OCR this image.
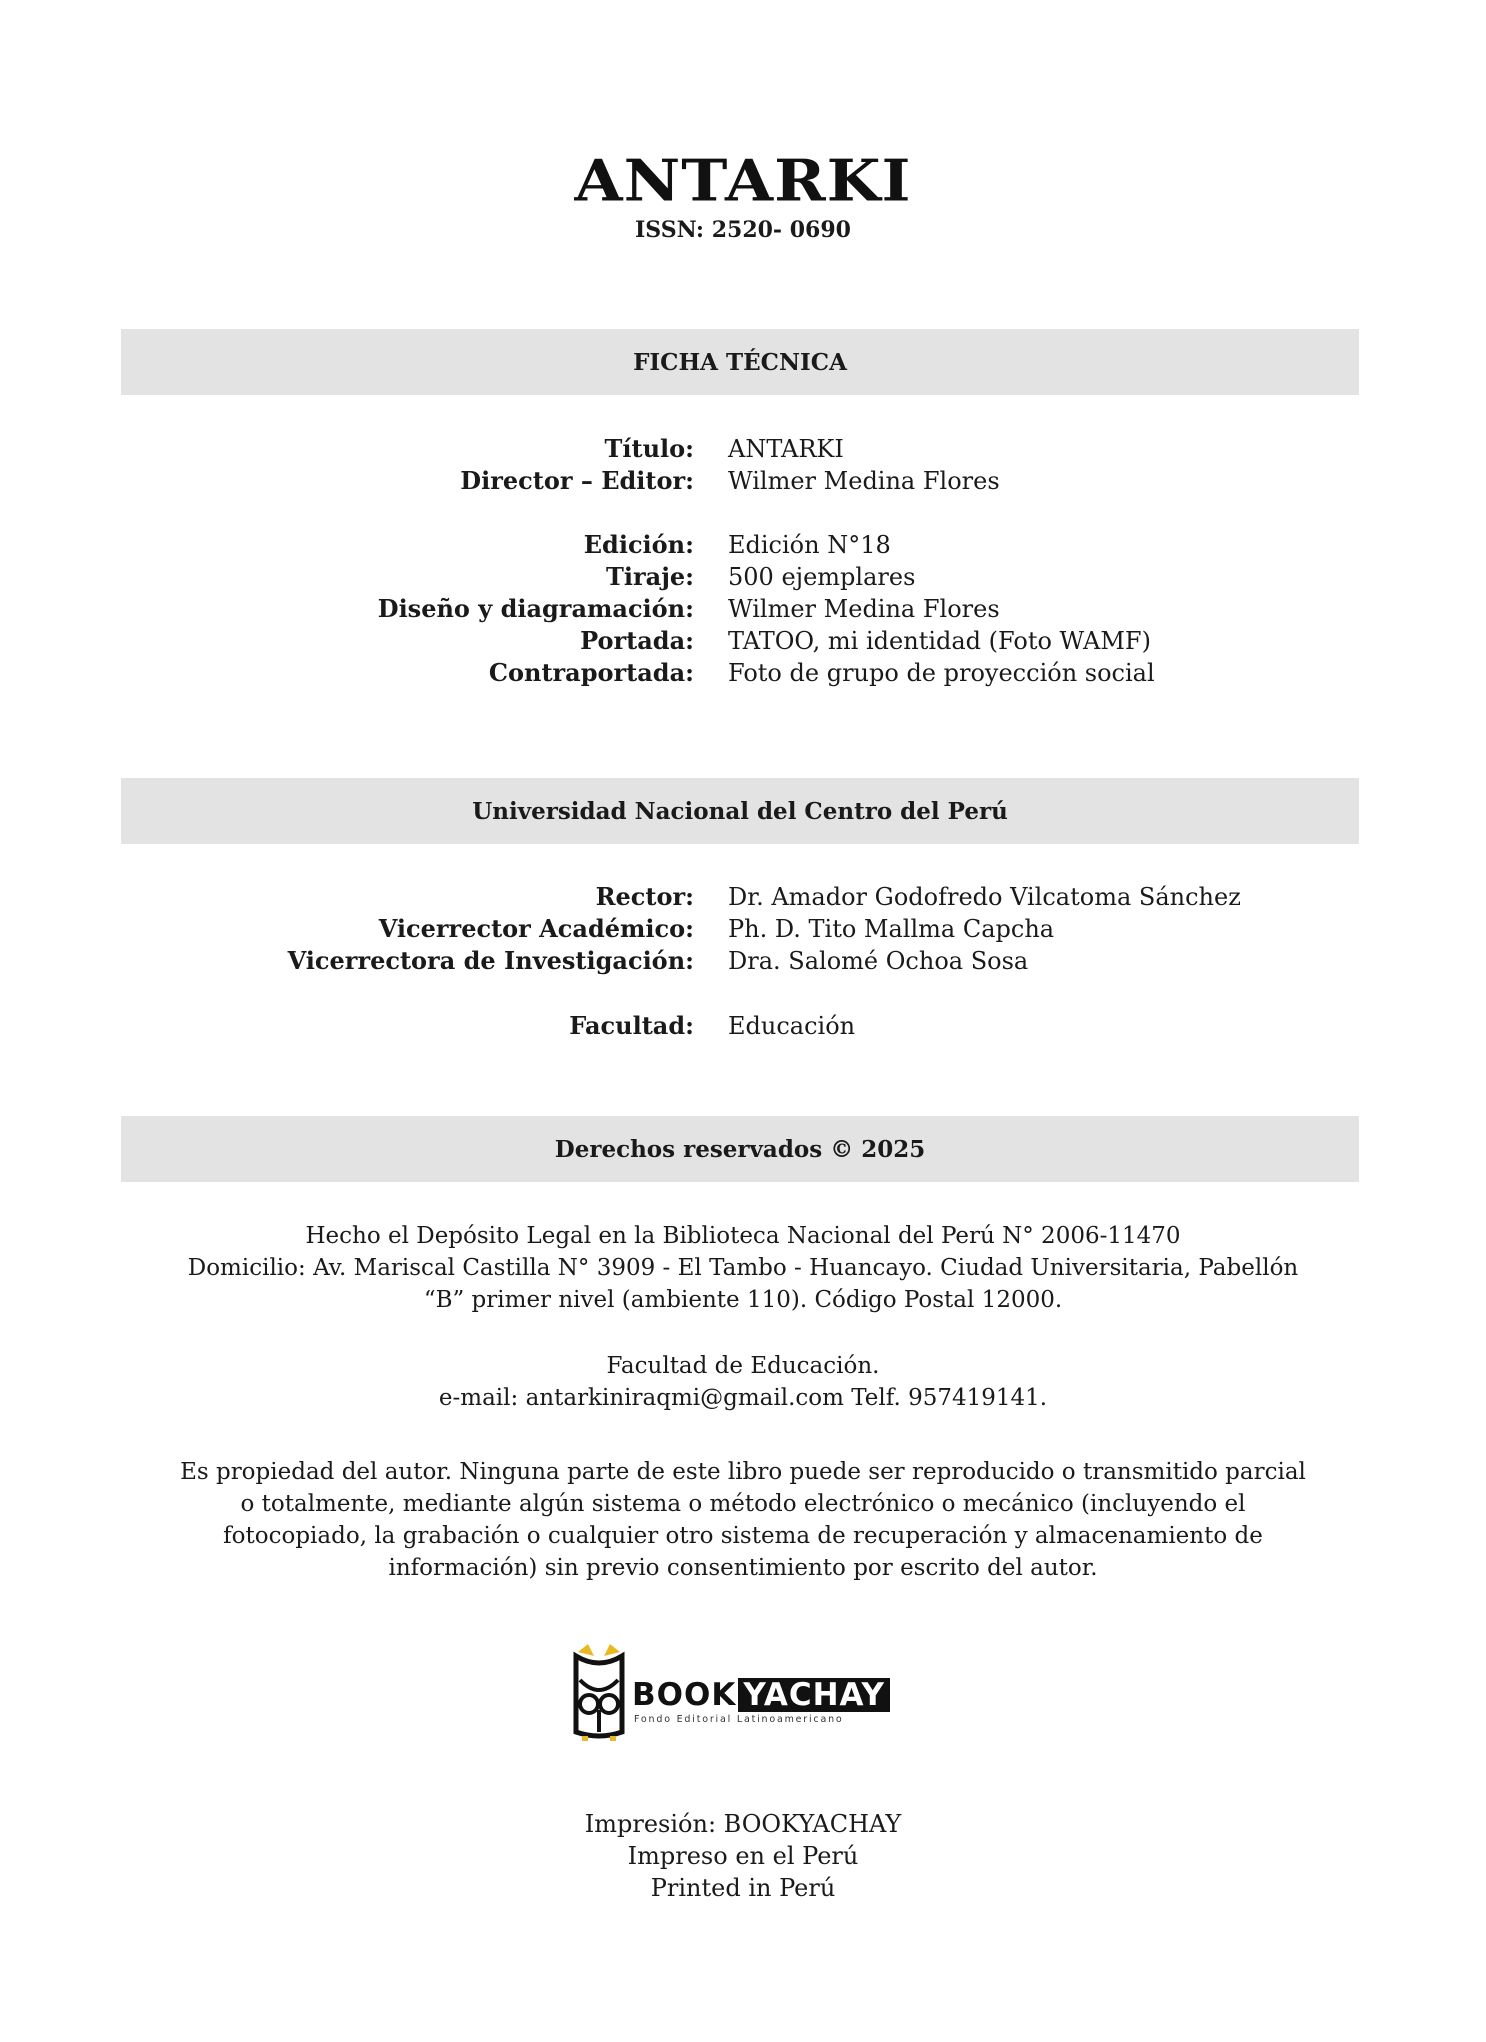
ANTARKI
ISSN: 2520- 0690
FICHA TÉCNICA
Título:	ANTARKI
Director – Editor:	Wilmer Medina Flores
Edición:	Edición N°18
Tiraje:	500 ejemplares
Diseño y diagramación:	Wilmer Medina Flores
Portada:	TATOO, mi identidad (Foto WAMF)
Contraportada:	Foto de grupo de proyección social
Universidad Nacional del Centro del Perú
Rector:	Dr. Amador Godofredo Vilcatoma Sánchez
Vicerrector Académico:	Ph. D. Tito Mallma Capcha
Vicerrectora de Investigación:	Dra. Salomé Ochoa Sosa
Facultad:	Educación
Derechos reservados © 2025
Hecho el Depósito Legal en la Biblioteca Nacional del Perú N° 2006-11470
Domicilio: Av. Mariscal Castilla N° 3909 - El Tambo - Huancayo. Ciudad Universitaria, Pabellón
“B” primer nivel (ambiente 110). Código Postal 12000.
Facultad de Educación.
e-mail: antarkiniraqmi@gmail.com Telf. 957419141.
Es propiedad del autor. Ninguna parte de este libro puede ser reproducido o transmitido parcial
o totalmente, mediante algún sistema o método electrónico o mecánico (incluyendo el
fotocopiado, la grabación o cualquier otro sistema de recuperación y almacenamiento de
información) sin previo consentimiento por escrito del autor.
BOOK YACHAY
Fondo Editorial Latinoamericano
Impresión: BOOKYACHAY
Impreso en el Perú
Printed in Perú
